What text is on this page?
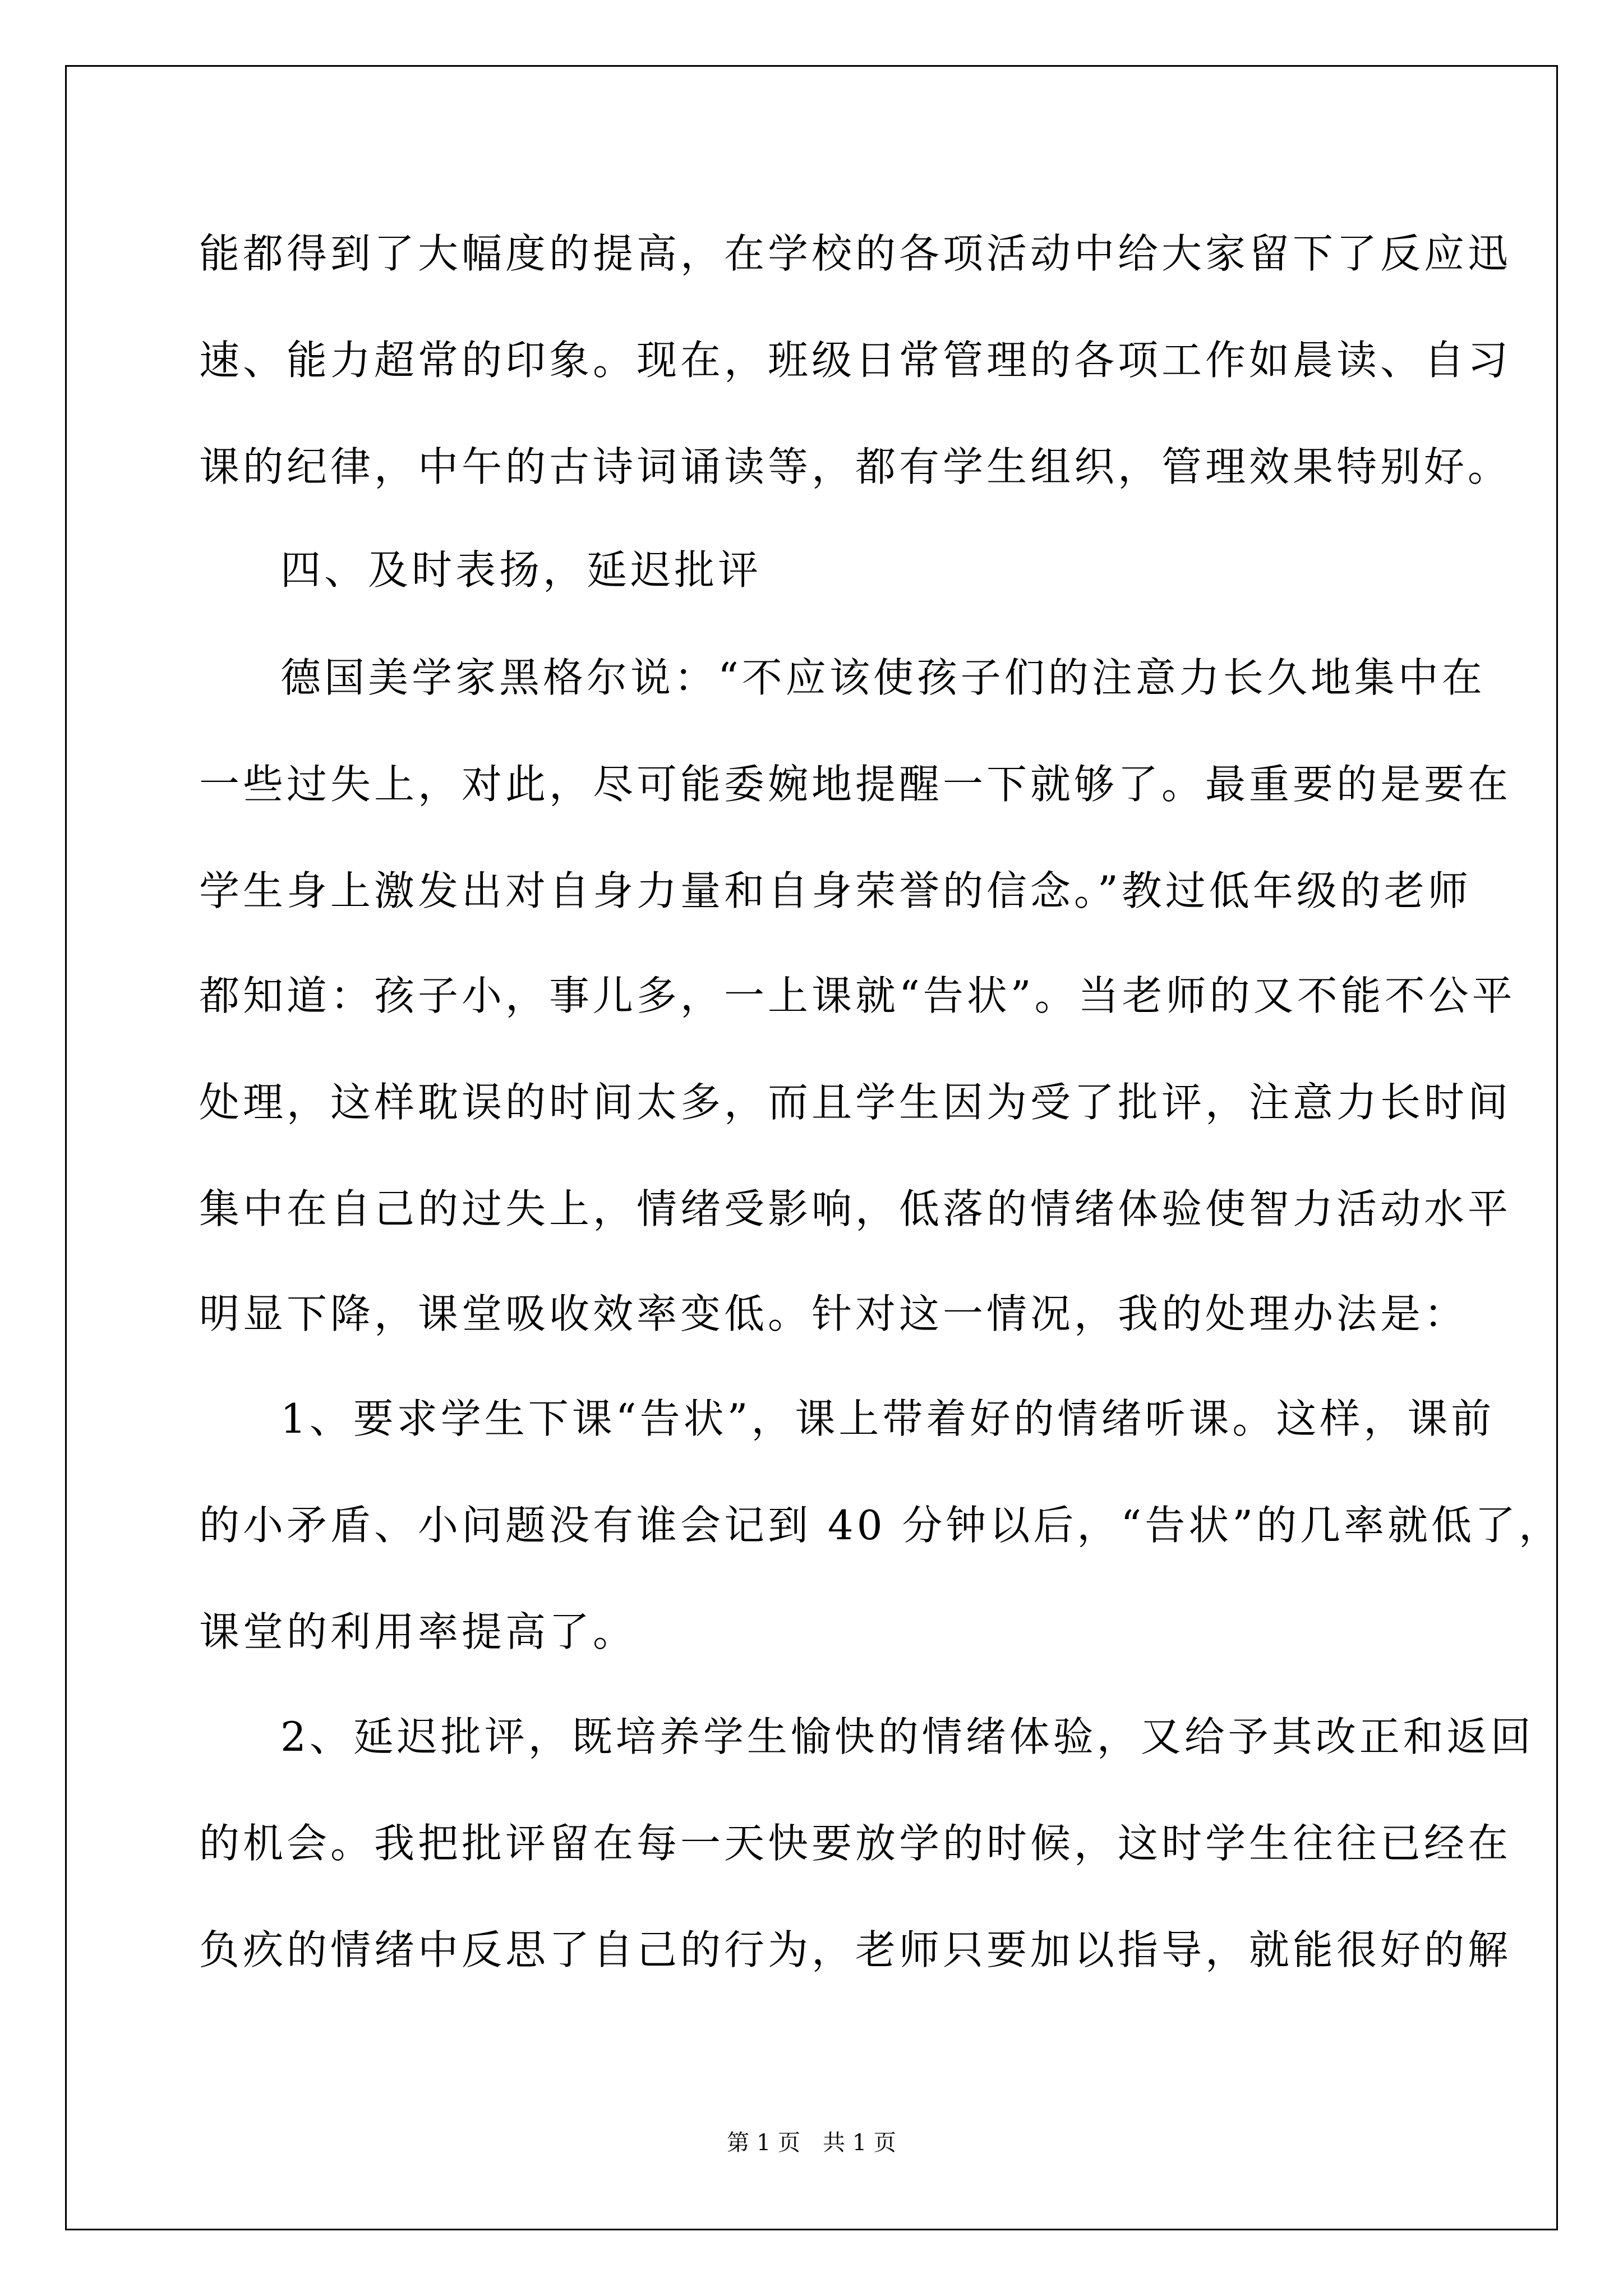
能都得到了大幅度的提高，在学校的各项活动中给大家留下了反应迅
速、能力超常的印象。现在，班级日常管理的各项工作如晨读、自习
课的纪律，中午的古诗词诵读等，都有学生组织，管理效果特别好。
四、及时表扬，延迟批评
德国美学家黑格尔说：“不应该使孩子们的注意力长久地集中在
一些过失上，对此，尽可能委婉地提醒一下就够了。最重要的是要在
学生身上激发出对自身力量和自身荣誉的信念。”教过低年级的老师
都知道：孩子小，事儿多，一上课就“告状”。当老师的又不能不公平
处理，这样耽误的时间太多，而且学生因为受了批评，注意力长时间
集中在自己的过失上，情绪受影响，低落的情绪体验使智力活动水平
明显下降，课堂吸收效率变低。针对这一情况，我的处理办法是：
1、要求学生下课“告状”，课上带着好的情绪听课。这样，课前
的小矛盾、小问题没有谁会记到 40 分钟以后，“告状”的几率就低了，
课堂的利用率提高了。
2、延迟批评，既培养学生愉快的情绪体验，又给予其改正和返回
的机会。我把批评留在每一天快要放学的时候，这时学生往往已经在
负疚的情绪中反思了自己的行为，老师只要加以指导，就能很好的解
第 1 页　共 1 页
